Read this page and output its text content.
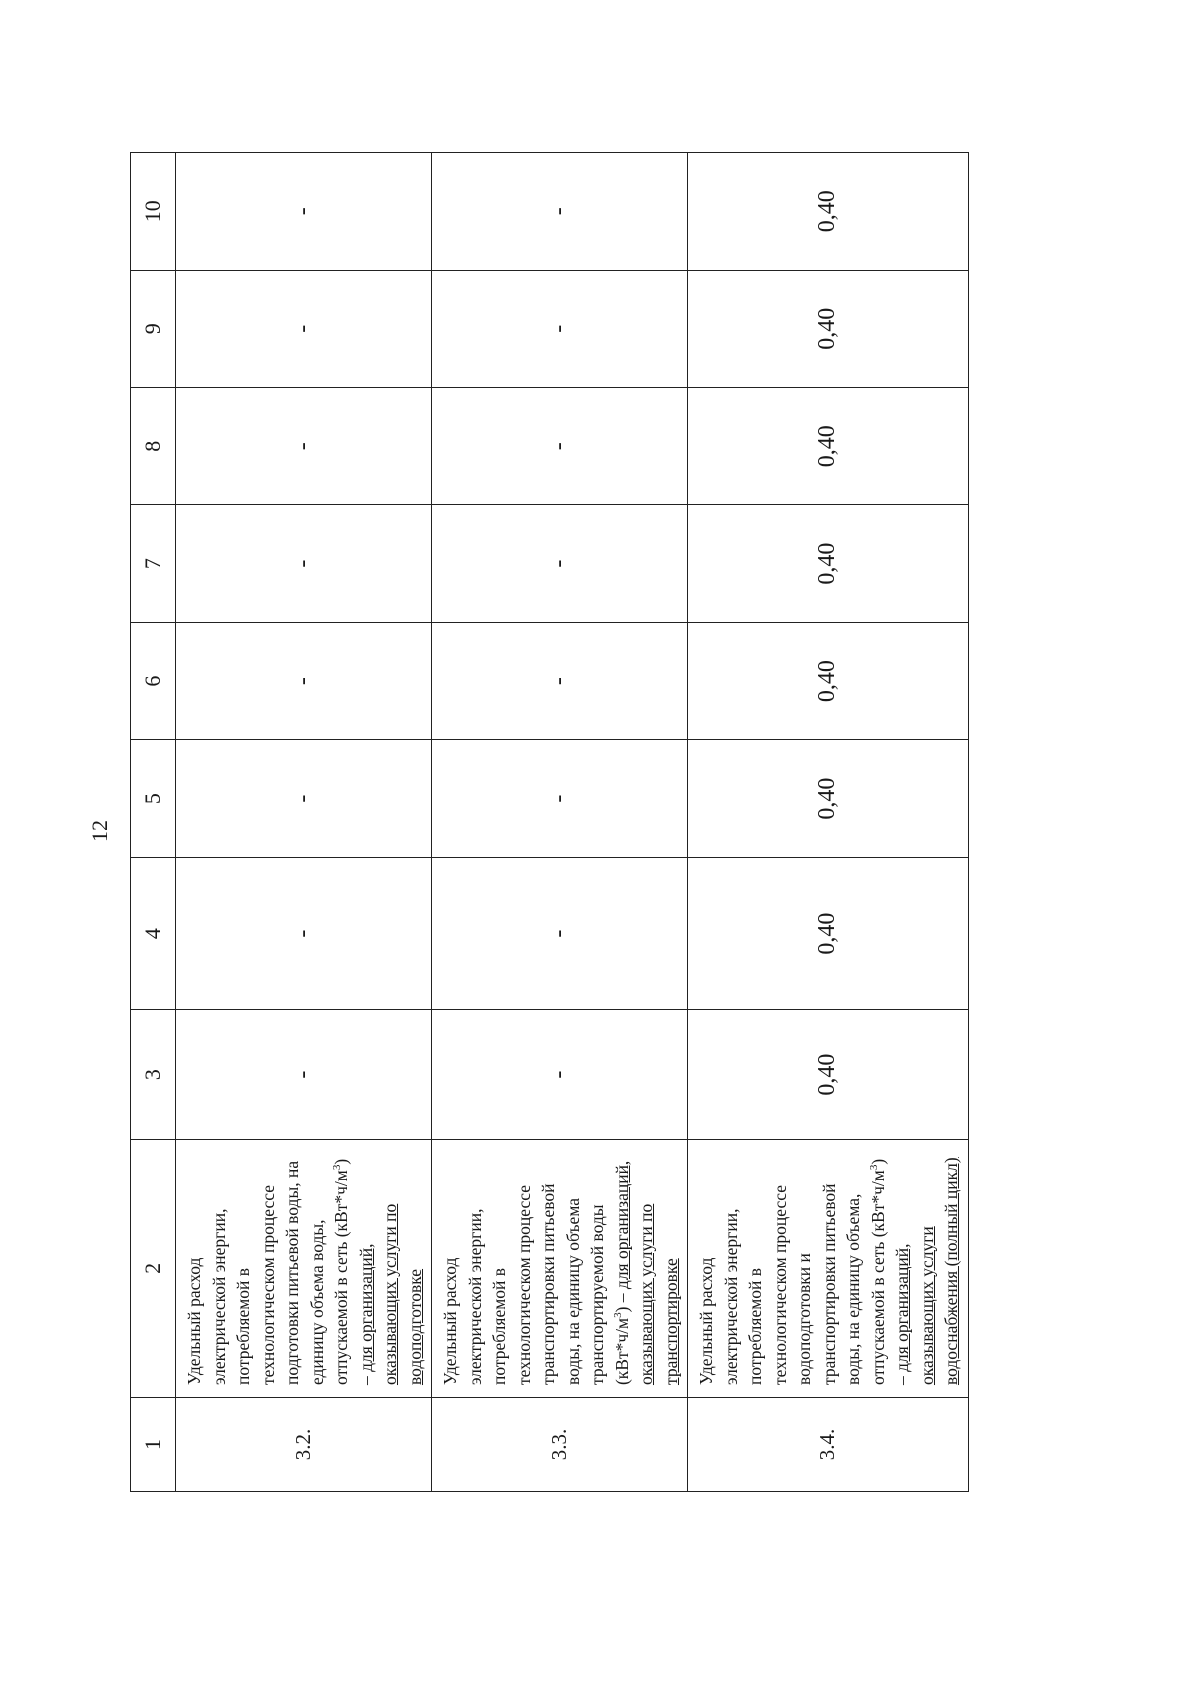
12
1	2	3	4	5	6	7	8	9	10
3.2.	Удельный расход электрической энергии, потребляемой в технологическом процессе подготовки питьевой воды, на единицу объема воды, отпускаемой в сеть $(кВт*ч/м^3)$ – для организаций, оказывающих услуги по водоподготовке	-	-	-	-	-	-	-	-
3.3.	Удельный расход электрической энергии, потребляемой в технологическом процессе транспортировки питьевой воды, на единицу объема транспортируемой воды $(кВт*ч/м^3)$ – для организаций, оказывающих услуги по транспортировке	-	-	-	-	-	-	-	-
3.4.	Удельный расход электрической энергии, потребляемой в технологическом процессе водоподготовки и транспортировки питьевой воды, на единицу объема, отпускаемой в сеть $(кВт*ч/м^3)$ – для организаций, оказывающих услуги водоснабжения (полный цикл)	0,40	0,40	0,40	0,40	0,40	0,40	0,40	0,40
